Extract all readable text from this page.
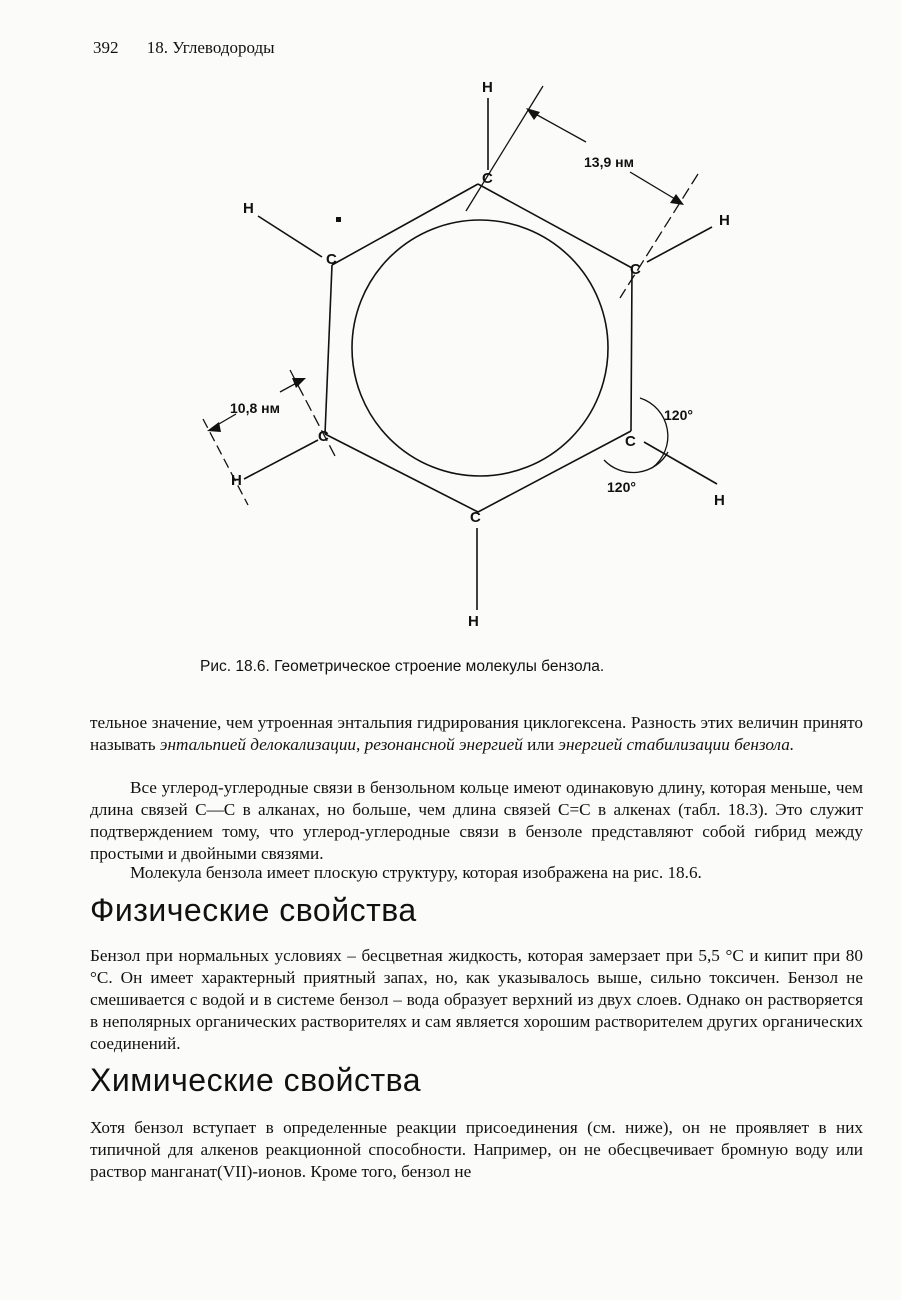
392 18. Углеводороды
C
C
C
C
C
C
H
H
H
H
H
H
13,9 нм
10,8 нм	120°
120°
Рис. 18.6. Геометрическое строение молекулы бензола.

тельное значение, чем утроенная энтальпия гидрирования циклогексена. Разность этих величин принято называть энтальпией делокализации, резонансной энергией или энергией стабилизации бензола.

Все углерод-углеродные связи в бензольном кольце имеют одинаковую длину, которая меньше, чем длина связей С—С в алканах, но больше, чем длина связей С=С в алкенах (табл. 18.3). Это служит подтверждением тому, что углерод-углеродные связи в бензоле представляют собой гибрид между простыми и двойными связями.

Молекула бензола имеет плоскую структуру, которая изображена на рис. 18.6.

Физические свойства

Бензол при нормальных условиях – бесцветная жидкость, которая замерзает при 5,5 °С и кипит при 80 °С. Он имеет характерный приятный запах, но, как указывалось выше, сильно токсичен. Бензол не смешивается с водой и в системе бензол – вода образует верхний из двух слоев. Однако он растворяется в неполярных органических растворителях и сам является хорошим растворителем других органических соединений.

Химические свойства

Хотя бензол вступает в определенные реакции присоединения (см. ниже), он не проявляет в них типичной для алкенов реакционной способности. Например, он не обесцвечивает бромную воду или раствор манганат(VII)-ионов. Кроме того, бензол не
